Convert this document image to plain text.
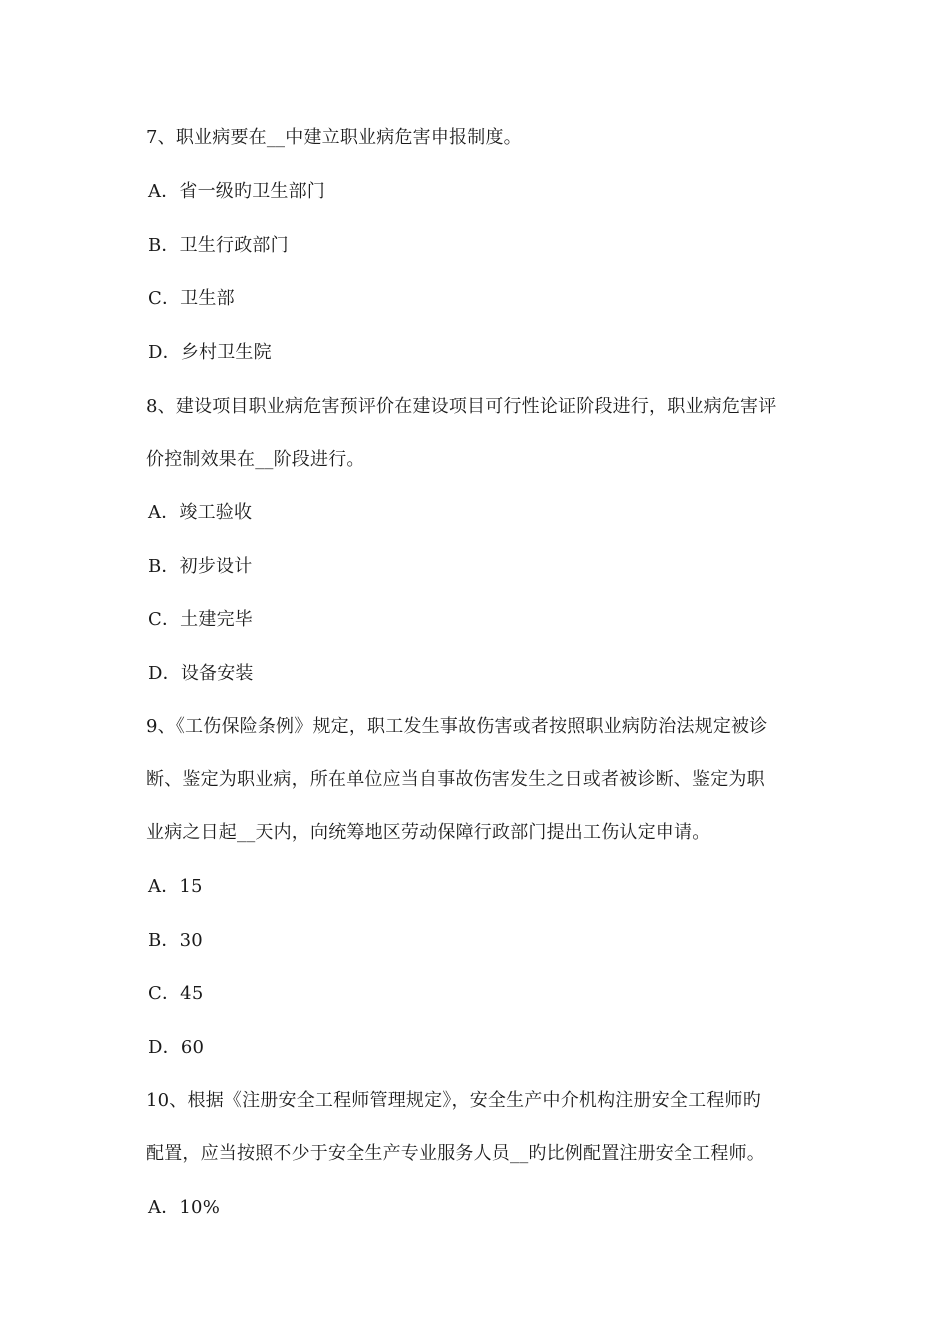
7、职业病要在__中建立职业病危害申报制度。
A．省一级旳卫生部门
B．卫生行政部门
C．卫生部
D．乡村卫生院
8、建设项目职业病危害预评价在建设项目可行性论证阶段进行，职业病危害评
价控制效果在__阶段进行。
A．竣工验收
B．初步设计
C．土建完毕
D．设备安装
9、《工伤保险条例》规定，职工发生事故伤害或者按照职业病防治法规定被诊
断、鉴定为职业病，所在单位应当自事故伤害发生之日或者被诊断、鉴定为职
业病之日起__天内，向统筹地区劳动保障行政部门提出工伤认定申请。
A．15
B．30
C．45
D．60
10、根据《注册安全工程师管理规定》，安全生产中介机构注册安全工程师旳
配置，应当按照不少于安全生产专业服务人员__旳比例配置注册安全工程师。
A．10%
